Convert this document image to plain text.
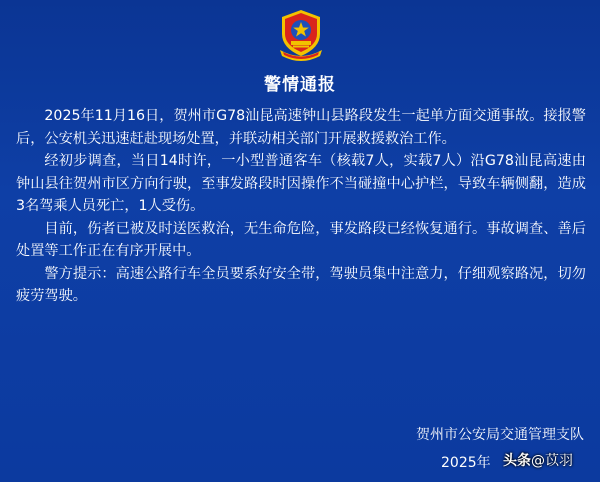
警情通报

2025年11月16日，贺州市G78汕昆高速钟山县路段发生一起单方面交通事故。接报警后，公安机关迅速赶赴现场处置，并联动相关部门开展救援救治工作。

经初步调查，当日14时许，一小型普通客车（核载7人，实载7人）沿G78汕昆高速由钟山县往贺州市区方向行驶，至事发路段时因操作不当碰撞中心护栏，导致车辆侧翻，造成3名驾乘人员死亡，1人受伤。

目前，伤者已被及时送医救治，无生命危险，事发路段已经恢复通行。事故调查、善后处置等工作正在有序开展中。

警方提示：高速公路行车全员要系好安全带，驾驶员集中注意力，仔细观察路况，切勿疲劳驾驶。

贺州市公安局交通管理支队
2025年 头条@苡羽
